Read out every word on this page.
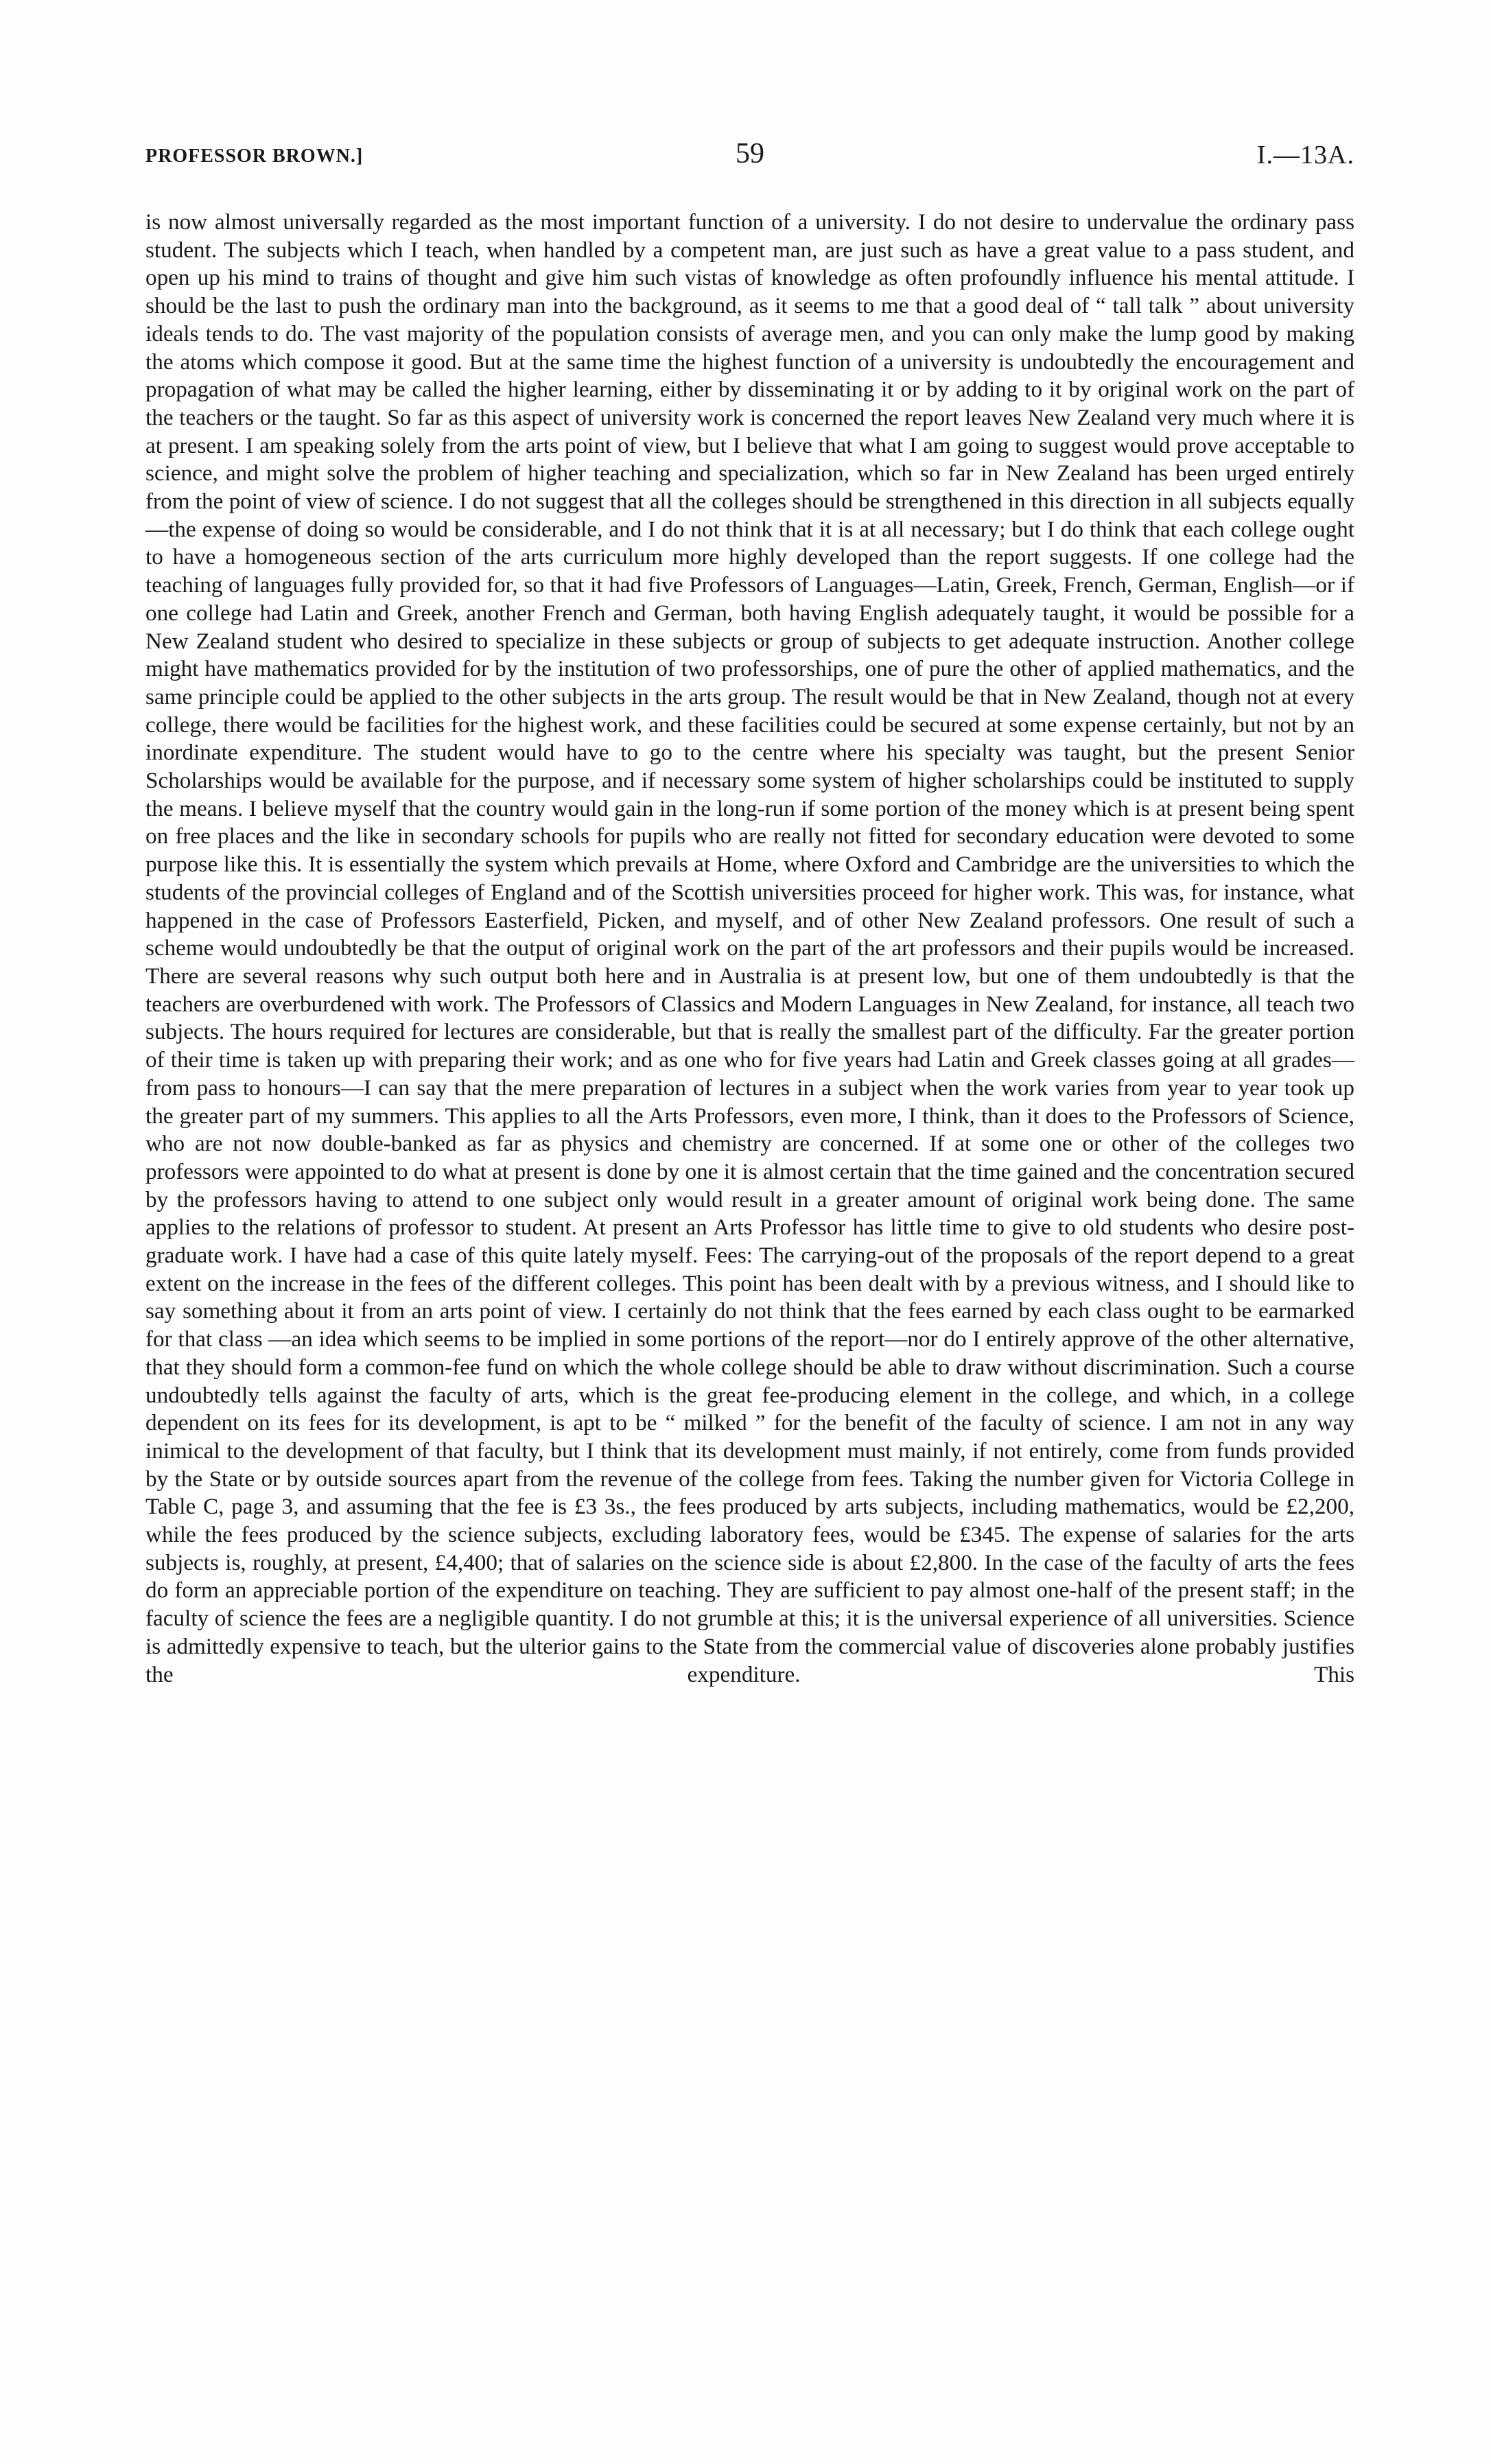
PROFESSOR BROWN.]	59	I.—13A.

is now almost universally regarded as the most important function of a university. I do not desire to undervalue the ordinary pass student. The subjects which I teach, when handled by a competent man, are just such as have a great value to a pass student, and open up his mind to trains of thought and give him such vistas of knowledge as often profoundly influence his mental attitude. I should be the last to push the ordinary man into the background, as it seems to me that a good deal of “ tall talk ” about university ideals tends to do. The vast majority of the population consists of average men, and you can only make the lump good by making the atoms which compose it good. But at the same time the highest function of a university is undoubtedly the encouragement and propagation of what may be called the higher learning, either by disseminating it or by adding to it by original work on the part of the teachers or the taught. So far as this aspect of university work is concerned the report leaves New Zealand very much where it is at present. I am speaking solely from the arts point of view, but I believe that what I am going to suggest would prove acceptable to science, and might solve the problem of higher teaching and specialization, which so far in New Zealand has been urged entirely from the point of view of science. I do not suggest that all the colleges should be strengthened in this direction in all subjects equally—the expense of doing so would be considerable, and I do not think that it is at all necessary; but I do think that each college ought to have a homogeneous section of the arts curriculum more highly developed than the report suggests. If one college had the teaching of languages fully provided for, so that it had five Professors of Languages—Latin, Greek, French, German, English—or if one college had Latin and Greek, another French and German, both having English adequately taught, it would be possible for a New Zealand student who desired to specialize in these subjects or group of subjects to get adequate instruction. Another college might have mathematics provided for by the institution of two professorships, one of pure the other of applied mathematics, and the same principle could be applied to the other subjects in the arts group. The result would be that in New Zealand, though not at every college, there would be facilities for the highest work, and these facilities could be secured at some expense certainly, but not by an inordinate expenditure. The student would have to go to the centre where his specialty was taught, but the present Senior Scholarships would be available for the purpose, and if necessary some system of higher scholarships could be instituted to supply the means. I believe myself that the country would gain in the long-run if some portion of the money which is at present being spent on free places and the like in secondary schools for pupils who are really not fitted for secondary education were devoted to some purpose like this. It is essentially the system which prevails at Home, where Oxford and Cambridge are the universities to which the students of the provincial colleges of England and of the Scottish universities proceed for higher work. This was, for instance, what happened in the case of Professors Easterfield, Picken, and myself, and of other New Zealand professors. One result of such a scheme would undoubtedly be that the output of original work on the part of the art professors and their pupils would be increased. There are several reasons why such output both here and in Australia is at present low, but one of them undoubtedly is that the teachers are overburdened with work. The Professors of Classics and Modern Languages in New Zealand, for instance, all teach two subjects. The hours required for lectures are considerable, but that is really the smallest part of the difficulty. Far the greater portion of their time is taken up with preparing their work; and as one who for five years had Latin and Greek classes going at all grades—from pass to honours—I can say that the mere preparation of lectures in a subject when the work varies from year to year took up the greater part of my summers. This applies to all the Arts Professors, even more, I think, than it does to the Professors of Science, who are not now double-banked as far as physics and chemistry are concerned. If at some one or other of the colleges two professors were appointed to do what at present is done by one it is almost certain that the time gained and the concentration secured by the professors having to attend to one subject only would result in a greater amount of original work being done. The same applies to the relations of professor to student. At present an Arts Professor has little time to give to old students who desire post-graduate work. I have had a case of this quite lately myself. Fees: The carrying-out of the proposals of the report depend to a great extent on the increase in the fees of the different colleges. This point has been dealt with by a previous witness, and I should like to say something about it from an arts point of view. I certainly do not think that the fees earned by each class ought to be earmarked for that class —an idea which seems to be implied in some portions of the report—nor do I entirely approve of the other alternative, that they should form a common-fee fund on which the whole college should be able to draw without discrimination. Such a course undoubtedly tells against the faculty of arts, which is the great fee-producing element in the college, and which, in a college dependent on its fees for its development, is apt to be “ milked ” for the benefit of the faculty of science. I am not in any way inimical to the development of that faculty, but I think that its development must mainly, if not entirely, come from funds provided by the State or by outside sources apart from the revenue of the college from fees. Taking the number given for Victoria College in Table C, page 3, and assuming that the fee is £3 3s., the fees produced by arts subjects, including mathematics, would be £2,200, while the fees produced by the science subjects, excluding laboratory fees, would be £345. The expense of salaries for the arts subjects is, roughly, at present, £4,400; that of salaries on the science side is about £2,800. In the case of the faculty of arts the fees do form an appreciable portion of the expenditure on teaching. They are sufficient to pay almost one-half of the present staff; in the faculty of science the fees are a negligible quantity. I do not grumble at this; it is the universal experience of all universities. Science is admittedly expensive to teach, but the ulterior gains to the State from the commercial value of discoveries alone probably justifies the expenditure. This
